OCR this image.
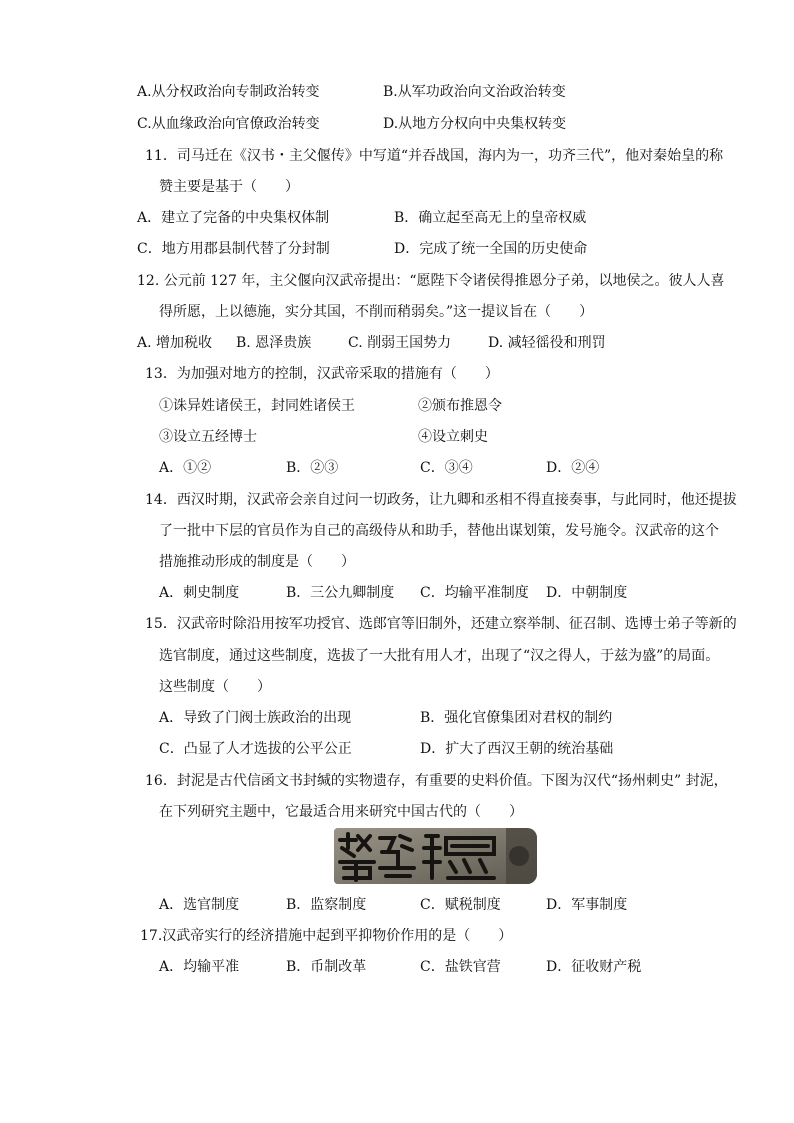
A.从分权政治向专制政治转变	B.从军功政治向文治政治转变
C.从血缘政治向官僚政治转变	D.从地方分权向中央集权转变
11．司马迁在《汉书・主父偃传》中写道“并吞战国，海内为一，功齐三代”，他对秦始皇的称
赞主要是基于（　　）
A．建立了完备的中央集权体制	B．确立起至高无上的皇帝权威
C．地方用郡县制代替了分封制	D．完成了统一全国的历史使命
12. 公元前 127 年，主父偃向汉武帝提出：“愿陛下令诸侯得推恩分子弟，以地侯之。彼人人喜
得所愿，上以德施，实分其国，不削而稍弱矣。”这一提议旨在（　　）
A. 增加税收 B. 恩泽贵族	C. 削弱王国势力	D. 减轻徭役和刑罚
13．为加强对地方的控制，汉武帝采取的措施有（　　）
①诛异姓诸侯王，封同姓诸侯王	②颁布推恩令
③设立五经博士	④设立刺史
A．①②	B．②③	C．③④	D．②④
14．西汉时期，汉武帝会亲自过问一切政务，让九卿和丞相不得直接奏事，与此同时，他还提拔
了一批中下层的官员作为自己的高级侍从和助手，替他出谋划策，发号施令。汉武帝的这个
措施推动形成的制度是（　　）
A．刺史制度	B．三公九卿制度 C．均输平准制度 D．中朝制度
15．汉武帝时除沿用按军功授官、选郎官等旧制外，还建立察举制、征召制、选博士弟子等新的
选官制度，通过这些制度，选拔了一大批有用人才，出现了“汉之得人，于兹为盛”的局面。
这些制度（　　）
A．导致了门阀士族政治的出现	B．强化官僚集团对君权的制约
C．凸显了人才选拔的公平公正	D．扩大了西汉王朝的统治基础
16．封泥是古代信函文书封缄的实物遗存，有重要的史料价值。下图为汉代“扬州刺史” 封泥，
在下列研究主题中，它最适合用来研究中国古代的（　　）
A．选官制度	B．监察制度	C．赋税制度	D．军事制度
17.汉武帝实行的经济措施中起到平抑物价作用的是（　　）
A．均输平准	B．币制改革	C．盐铁官营	D．征收财产税
